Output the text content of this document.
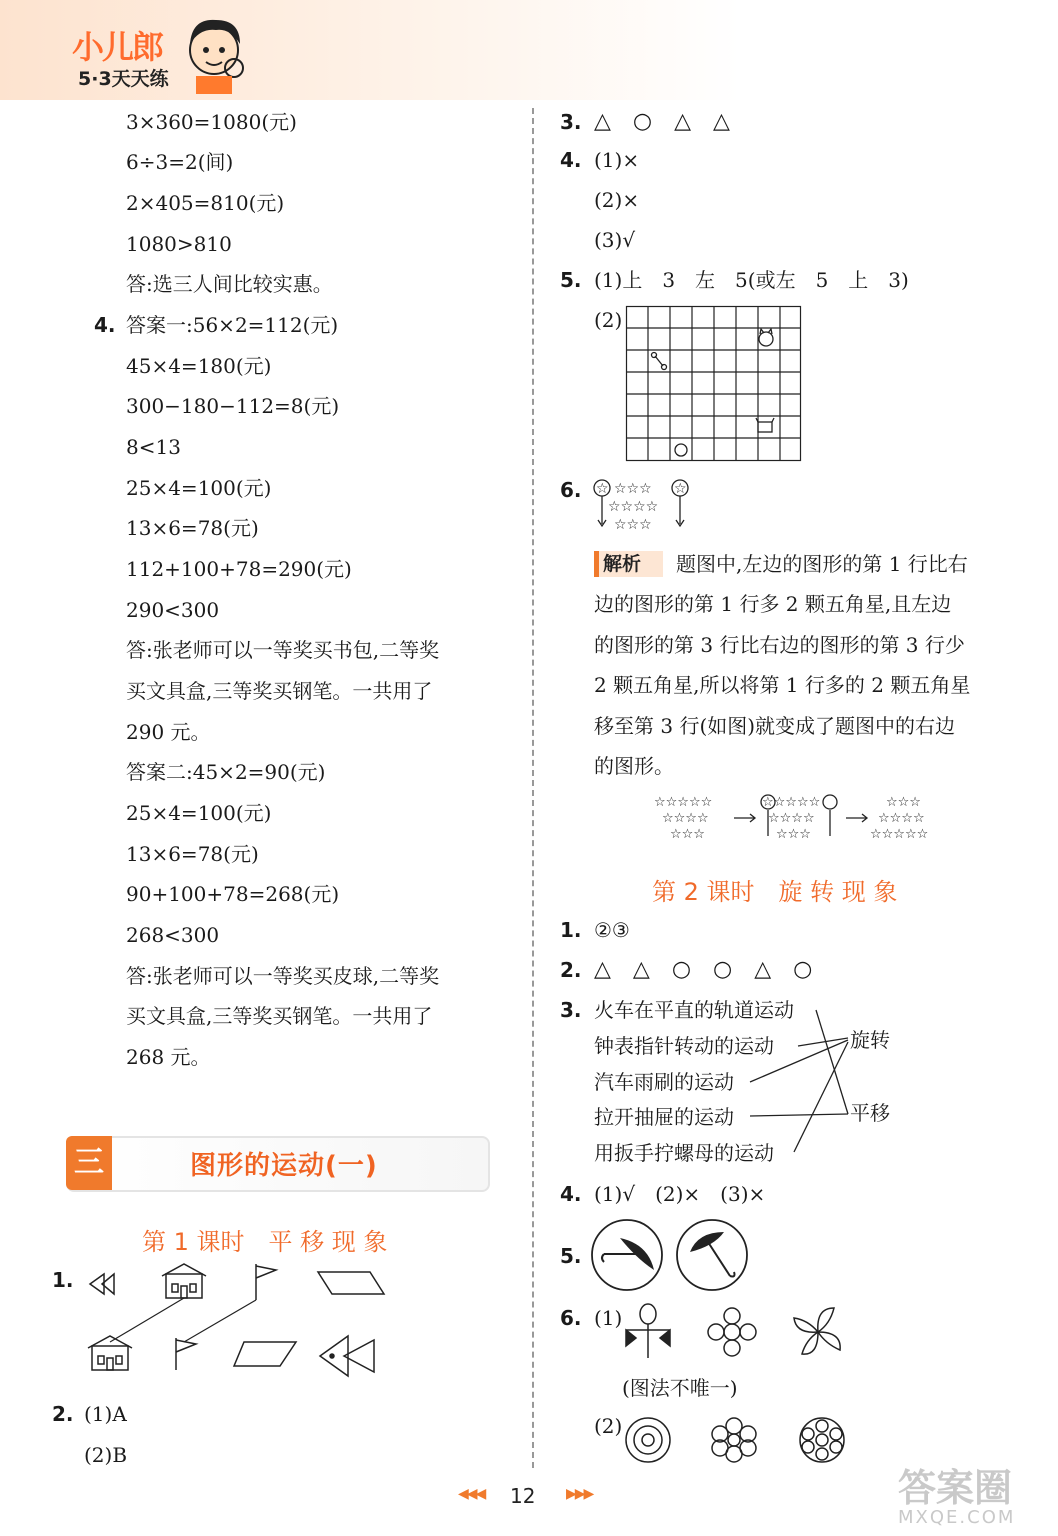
小儿郎
5·3天天练
3×360=1080(元)
6÷3=2(间)
2×405=810(元)
1080>810
答:选三人间比较实惠。
4. 答案一:56×2=112(元)
45×4=180(元)
300−180−112=8(元)
8<13
25×4=100(元)
13×6=78(元)
112+100+78=290(元)
290<300
答:张老师可以一等奖买书包,二等奖
买文具盒,三等奖买钢笔。一共用了
290 元。
答案二:45×2=90(元)
25×4=100(元)
13×6=78(元)
90+100+78=268(元)
268<300
答:张老师可以一等奖买皮球,二等奖
买文具盒,三等奖买钢笔。一共用了
268 元。
三	图形的运动(一)
第 1 课时　平 移 现 象
1.
2. (1)A
(2)B
3. △　○　△　△
4. (1)×
(2)×
(3)√
5. (1)上　3　左　5(或左　5　上　3)
(2)
6. ☆ ☆☆☆ ☆
☆☆☆☆
☆☆☆
解析	题图中,左边的图形的第 1 行比右
边的图形的第 1 行多 2 颗五角星,且左边
的图形的第 3 行比右边的图形的第 3 行少
2 颗五角星,所以将第 1 行多的 2 颗五角星
移至第 3 行(如图)就变成了题图中的右边
的图形。
☆☆☆☆☆
☆☆☆☆
☆☆☆
☆☆☆☆☆
☆☆☆☆
☆☆☆
☆☆☆
☆☆☆☆
☆☆☆☆☆
第 2 课时　旋 转 现 象
1. ②③
2. △　△　○　○　△　○
3. 火车在平直的轨道运动
钟表指针转动的运动
汽车雨刷的运动
拉开抽屉的运动
用扳手拧螺母的运动
旋转
平移
4. (1)√　(2)×　(3)×
5.
6. (1)
(图法不唯一)
(2)
◀◀◀ 12 ▶▶▶	答案圈
MXQE.COM
